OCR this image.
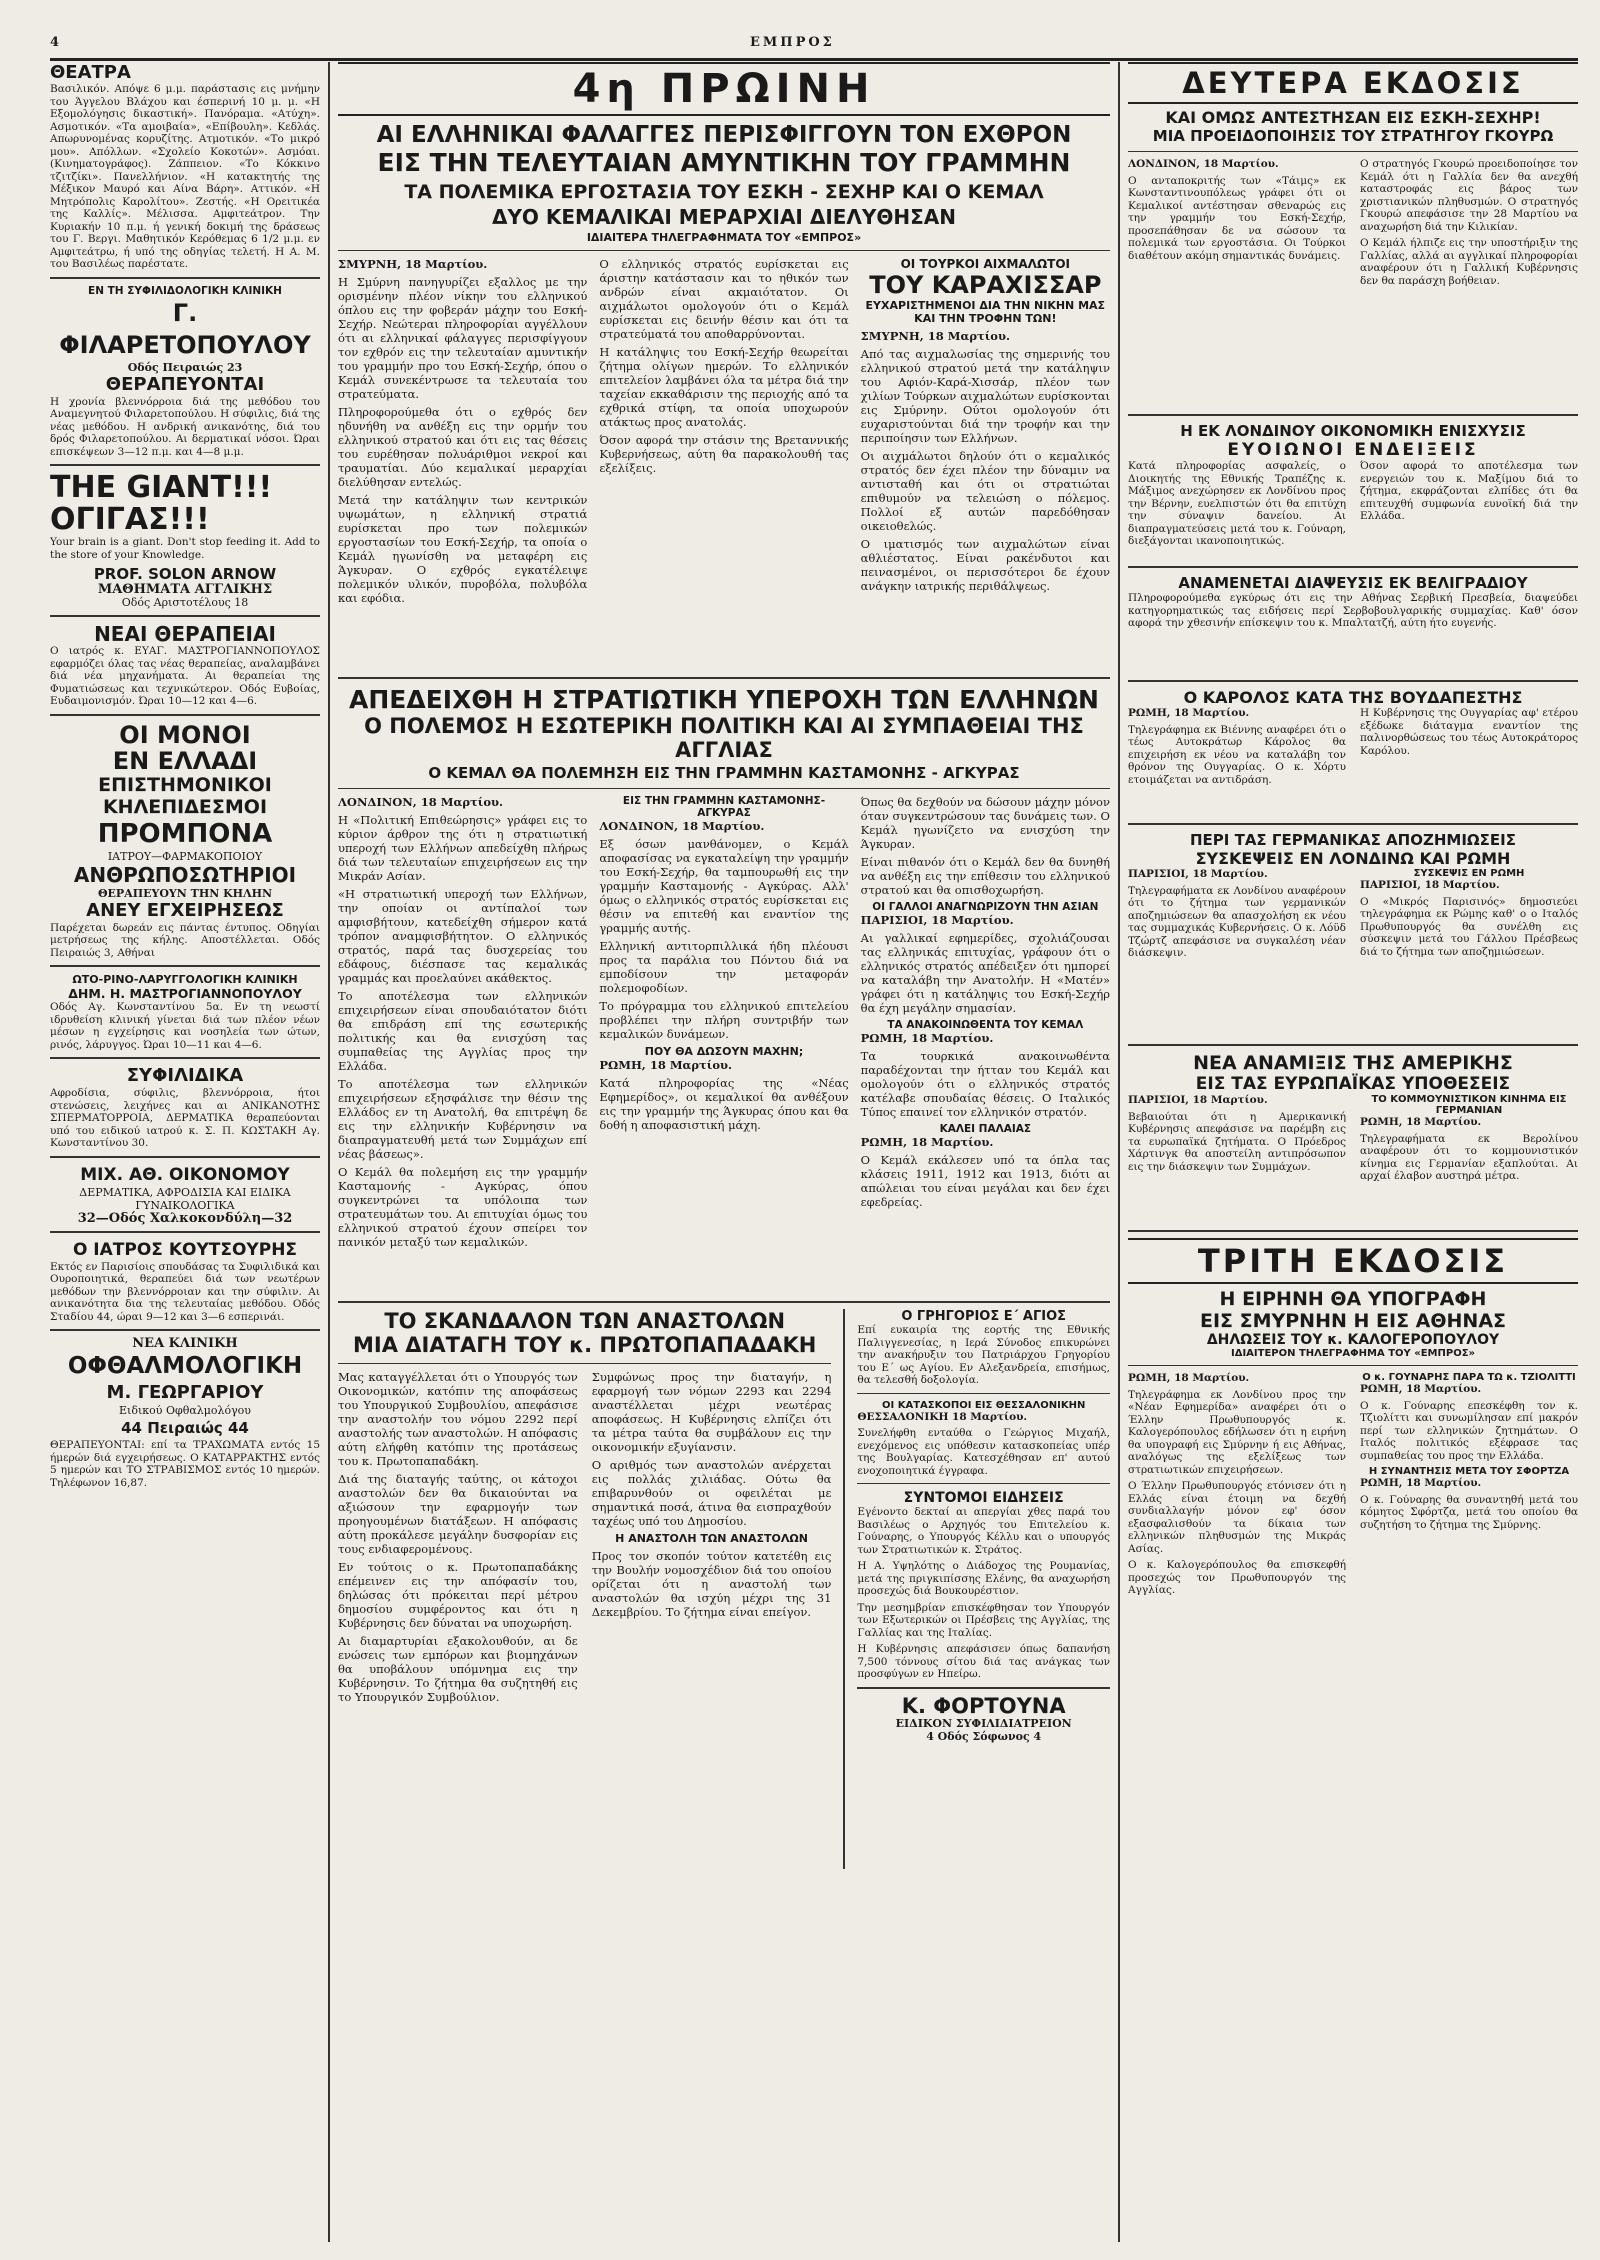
4	ΕΜΠΡΟΣ
ΘΕΑΤΡΑ

Βασιλικόν. Απόψε 6 μ.μ. παράστασις εις μνήμην του Άγγελου Βλάχου και έσπερινή 10 μ. μ. «Η Εξομολόγησις δικαστική». Πανόραμα. «Ατύχη». Ασμοτικόν. «Τα αμοιβαία», «Επίβουλη». Κεδλάς. Απωρυνομένας κορυζίτης. Ατμοτικόν. «Το μικρό μου». Απόλλων. «Σχολείο Κοκοτών». Ασμόαι. (Κινηματογράφος). Ζάππειον. «Το Κόκκινο τζιτζίκι». Πανελλήνιον. «Η κατακτητής της Μέξικον Μαυρό και Αίνα Βάρη». Αττικόν. «Η Μητρόπολις Καρολίτου». Ζεστής. «Η Ορειτικέα της Καλλίς». Μέλισσα. Αμφιτεάτρον. Την Κυριακήν 10 π.μ. ή γενική δοκιμή της δράσεως του Γ. Βεργι. Μαθητικόν Κερόθεμας 6 1/2 μ.μ. εν Αμφιτεάτρω, ή υπό της οδηγίας τελετή. Η Α. Μ. του Βασιλέως παρέστατε.

ΕΝ ΤΗ ΣΥΦΙΛΙΔΟΛΟΓΙΚΗ ΚΛΙΝΙΚΗ
Γ. ΦΙΛΑΡΕΤΟΠΟΥΛΟΥ
Οδός Πειραιώς 23
ΘΕΡΑΠΕΥΟΝΤΑΙ

Η χρονία βλεννόρροια διά της μεθόδου του Αναμεγνητού Φιλαρετοπούλου. Η σύφιλις, διά της νέας μεθόδου. Η ανδρική ανικανότης, διά του δρός Φιλαρετοπούλου. Αι δερματικαί νόσοι. Ώραι επισκέψεων 3—12 π.μ. και 4—8 μ.μ.

THE GIANT!!!
ΟΓΙΓΑΣ!!!

Your brain is a giant. Don't stop feeding it. Add to the store of your Knowledge.

PROF. SOLON ARNOW
ΜΑΘΗΜΑΤΑ ΑΓΓΛΙΚΗΣ
Οδός Αριστοτέλους 18
ΝΕΑΙ ΘΕΡΑΠΕΙΑΙ

Ο ιατρός κ. ΕΥΑΓ. ΜΑΣΤΡΟΓΙΑΝΝΟΠΟΥΛΟΣ εφαρμόζει όλας τας νέας θεραπείας, αναλαμβάνει διά νέα μηχανήματα. Αι θεραπείαι της Φυματιώσεως και τεχνικώτερον. Οδός Ευβοίας, Ευδαιμονισμόν. Ώραι 10—12 και 4—6.

ΟΙ ΜΟΝΟΙ
ΕΝ ΕΛΛΑΔΙ
ΕΠΙΣΤΗΜΟΝΙΚΟΙ
ΚΗΛΕΠΙΔΕΣΜΟΙ
ΠΡΟΜΠΟΝΑ
ΙΑΤΡΟΥ—ΦΑΡΜΑΚΟΠΟΙΟΥ
ΑΝΘΡΩΠΟΣΩΤΗΡΙΟΙ
ΘΕΡΑΠΕΥΟΥΝ ΤΗΝ ΚΗΛΗΝ
ΑΝΕΥ ΕΓΧΕΙΡΗΣΕΩΣ

Παρέχεται δωρεάν εις πάντας έντυπος. Οδηγίαι μετρήσεως της κήλης. Αποστέλλεται. Οδός Πειραιώς 3, Αθήναι

ΩΤΟ-ΡΙΝΟ-ΛΑΡΥΓΓΟΛΟΓΙΚΗ ΚΛΙΝΙΚΗ
ΔΗΜ. Η. ΜΑΣΤΡΟΓΙΑΝΝΟΠΟΥΛΟΥ

Οδός Αγ. Κωνσταντίνου 5α. Εν τη νεωστί ιδρυθείση κλινική γίνεται διά των πλέον νέων μέσων η εγχείρησις και νοσηλεία των ώτων, ρινός, λάρυγγος. Ώραι 10—11 και 4—6.

ΣΥΦΙΛΙΔΙΚΑ

Αφροδίσια, σύφιλις, βλεννόρροια, ήτοι στενώσεις, λειχήνες και αι ΑΝΙΚΑΝΟΤΗΣ ΣΠΕΡΜΑΤΟΡΡΟΙΑ, ΔΕΡΜΑΤΙΚΑ θεραπεύονται υπό του ειδικού ιατρού κ. Σ. Π. ΚΩΣΤΑΚΗ Αγ. Κωνσταντίνου 30.

ΜΙΧ. ΑΘ. ΟΙΚΟΝΟΜΟΥ
ΔΕΡΜΑΤΙΚΑ, ΑΦΡΟΔΙΣΙΑ ΚΑΙ ΕΙΔΙΚΑ ΓΥΝΑΙΚΟΛΟΓΙΚΑ
32—Οδός Χαλκοκονδύλη—32
Ο ΙΑΤΡΟΣ ΚΟΥΤΣΟΥΡΗΣ

Εκτός εν Παρισίοις σπουδάσας τα Συφιλιδικά και Ουροποιητικά, θεραπεύει διά των νεωτέρων μεθόδων την βλεννόρροιαν και την σύφιλιν. Αι ανικανότητα δια της τελευταίας μεθόδου. Οδός Σταδίου 44, ώραι 9—12 και 3—6 εσπερινάι.

ΝΕΑ ΚΛΙΝΙΚΗ
ΟΦΘΑΛΜΟΛΟΓΙΚΗ
Μ. ΓΕΩΡΓΑΡΙΟΥ
Ειδικού Οφθαλμολόγου
44 Πειραιώς 44

ΘΕΡΑΠΕΥΟΝΤΑΙ: επί τα ΤΡΑΧΩΜΑΤΑ εντός 15 ήμερών διά εγχειρήσεως. Ο ΚΑΤΑΡΡΑΚΤΗΣ εντός 5 ημερών και ΤΟ ΣΤΡΑΒΙΣΜΟΣ εντός 10 ημερών. Τηλέφωνον 16,87.

4η ΠΡΩΙΝΗ
ΑΙ ΕΛΛΗΝΙΚΑΙ ΦΑΛΑΓΓΕΣ ΠΕΡΙΣΦΙΓΓΟΥΝ ΤΟΝ ΕΧΘΡΟΝ
ΕΙΣ ΤΗΝ ΤΕΛΕΥΤΑΙΑΝ ΑΜΥΝΤΙΚΗΝ ΤΟΥ ΓΡΑΜΜΗΝ
ΤΑ ΠΟΛΕΜΙΚΑ ΕΡΓΟΣΤΑΣΙΑ ΤΟΥ ΕΣΚΗ - ΣΕΧΗΡ ΚΑΙ Ο ΚΕΜΑΛ
ΔΥΟ ΚΕΜΑΛΙΚΑΙ ΜΕΡΑΡΧΙΑΙ ΔΙΕΛΥΘΗΣΑΝ
ΙΔΙΑΙΤΕΡΑ ΤΗΛΕΓΡΑΦΗΜΑΤΑ ΤΟΥ «ΕΜΠΡΟΣ»

ΣΜΥΡΝΗ, 18 Μαρτίου.

Η Σμύρνη πανηγυρίζει εξαλλος με την ορισμένην πλέον νίκην του ελληνικού όπλου εις την φοβεράν μάχην του Εσκή-Σεχήρ. Νεώτεραι πληροφορίαι αγγέλλουν ότι αι ελληνικαί φάλαγγες περισφίγγουν τον εχθρόν εις την τελευταίαν αμυντικήν του γραμμήν προ του Εσκή-Σεχήρ, όπου ο Κεμάλ συνεκέντρωσε τα τελευταία του στρατεύματα.

Πληροφορούμεθα ότι ο εχθρός δεν ηδυνήθη να ανθέξη εις την ορμήν του ελληνικού στρατού και ότι εις τας θέσεις του ευρέθησαν πολυάριθμοι νεκροί και τραυματίαι. Δύο κεμαλικαί μεραρχίαι διελύθησαν εντελώς.

Μετά την κατάληψιν των κεντρικών υψωμάτων, η ελληνική στρατιά ευρίσκεται προ των πολεμικών εργοστασίων του Εσκή-Σεχήρ, τα οποία ο Κεμάλ ηγωνίσθη να μεταφέρη εις Άγκυραν. Ο εχθρός εγκατέλειψε πολεμικόν υλικόν, πυροβόλα, πολυβόλα και εφόδια.

Ο ελληνικός στρατός ευρίσκεται εις άριστην κατάστασιν και το ηθικόν των ανδρών είναι ακμαιότατον. Οι αιχμάλωτοι ομολογούν ότι ο Κεμάλ ευρίσκεται εις δεινήν θέσιν και ότι τα στρατεύματά του αποθαρρύνονται.

Η κατάληψις του Εσκή-Σεχήρ θεωρείται ζήτημα ολίγων ημερών. Το ελληνικόν επιτελείον λαμβάνει όλα τα μέτρα διά την ταχείαν εκκαθάρισιν της περιοχής από τα εχθρικά στίφη, τα οποία υποχωρούν ατάκτως προς ανατολάς.

Όσον αφορά την στάσιν της Βρεταννικής Κυβερνήσεως, αύτη θα παρακολουθή τας εξελίξεις.

ΟΙ ΤΟΥΡΚΟΙ ΑΙΧΜΑΛΩΤΟΙ
ΤΟΥ ΚΑΡΑΧΙΣΣΑΡ
ΕΥΧΑΡΙΣΤΗΜΕΝΟΙ ΔΙΑ ΤΗΝ ΝΙΚΗΝ ΜΑΣ ΚΑΙ ΤΗΝ ΤΡΟΦΗΝ ΤΩΝ!

ΣΜΥΡΝΗ, 18 Μαρτίου.

Από τας αιχμαλωσίας της σημερινής του ελληνικού στρατού μετά την κατάληψιν του Αφιόν-Καρά-Χισσάρ, πλέον των χιλίων Τούρκων αιχμαλώτων ευρίσκονται εις Σμύρνην. Ούτοι ομολογούν ότι ευχαριστούνται διά την τροφήν και την περιποίησιν των Ελλήνων.

Οι αιχμάλωτοι δηλούν ότι ο κεμαλικός στρατός δεν έχει πλέον την δύναμιν να αντισταθή και ότι οι στρατιώται επιθυμούν να τελειώση ο πόλεμος. Πολλοί εξ αυτών παρεδόθησαν οικειοθελώς.

Ο ιματισμός των αιχμαλώτων είναι αθλιέστατος. Είναι ρακένδυτοι και πεινασμένοι, οι περισσότεροι δε έχουν ανάγκην ιατρικής περιθάλψεως.

ΑΠΕΔΕΙΧΘΗ Η ΣΤΡΑΤΙΩΤΙΚΗ ΥΠΕΡΟΧΗ ΤΩΝ ΕΛΛΗΝΩΝ
Ο ΠΟΛΕΜΟΣ Η ΕΣΩΤΕΡΙΚΗ ΠΟΛΙΤΙΚΗ ΚΑΙ ΑΙ ΣΥΜΠΑΘΕΙΑΙ ΤΗΣ ΑΓΓΛΙΑΣ
Ο ΚΕΜΑΛ ΘΑ ΠΟΛΕΜΗΣΗ ΕΙΣ ΤΗΝ ΓΡΑΜΜΗΝ ΚΑΣΤΑΜΟΝΗΣ - ΑΓΚΥΡΑΣ

ΛΟΝΔΙΝΟΝ, 18 Μαρτίου.

Η «Πολιτική Επιθεώρησις» γράφει εις το κύριον άρθρον της ότι η στρατιωτική υπεροχή των Ελλήνων απεδείχθη πλήρως διά των τελευταίων επιχειρήσεων εις την Μικράν Ασίαν.

«Η στρατιωτική υπεροχή των Ελλήνων, την οποίαν οι αντίπαλοί των αμφισβήτουν, κατεδείχθη σήμερον κατά τρόπον αναμφισβήτητον. Ο ελληνικός στρατός, παρά τας δυσχερείας του εδάφους, διέσπασε τας κεμαλικάς γραμμάς και προελαύνει ακάθεκτος.

Το αποτέλεσμα των ελληνικών επιχειρήσεων είναι σπουδαιότατον διότι θα επιδράση επί της εσωτερικής πολιτικής και θα ενισχύση τας συμπαθείας της Αγγλίας προς την Ελλάδα.

Το αποτέλεσμα των ελληνικών επιχειρήσεων εξησφάλισε την θέσιν της Ελλάδος εν τη Ανατολή, θα επιτρέψη δε εις την ελληνικήν Κυβέρνησιν να διαπραγματευθή μετά των Συμμάχων επί νέας βάσεως».

Ο Κεμάλ θα πολεμήση εις την γραμμήν Κασταμονής - Αγκύρας, όπου συγκεντρώνει τα υπόλοιπα των στρατευμάτων του. Αι επιτυχίαι όμως του ελληνικού στρατού έχουν σπείρει τον πανικόν μεταξύ των κεμαλικών.

ΕΙΣ ΤΗΝ ΓΡΑΜΜΗΝ ΚΑΣΤΑΜΟΝΗΣ-ΑΓΚΥΡΑΣ

ΛΟΝΔΙΝΟΝ, 18 Μαρτίου.

Εξ όσων μανθάνομεν, ο Κεμάλ αποφασίσας να εγκαταλείψη την γραμμήν του Εσκή-Σεχήρ, θα ταμπουρωθή εις την γραμμήν Κασταμονής - Αγκύρας. Αλλ' όμως ο ελληνικός στρατός ευρίσκεται εις θέσιν να επιτεθή και εναντίον της γραμμής αυτής.

Ελληνική αντιτορπιλλικά ήδη πλέουσι προς τα παράλια του Πόντου διά να εμποδίσουν την μεταφοράν πολεμοφοδίων.

Το πρόγραμμα του ελληνικού επιτελείου προβλέπει την πλήρη συντριβήν των κεμαλικών δυνάμεων.

ΠΟΥ ΘΑ ΔΩΣΟΥΝ ΜΑΧΗΝ;

ΡΩΜΗ, 18 Μαρτίου.

Κατά πληροφορίας της «Νέας Εφημερίδος», οι κεμαλικοί θα ανθέξουν εις την γραμμήν της Άγκυρας όπου και θα δοθή η αποφασιστική μάχη.

Όπως θα δεχθούν να δώσουν μάχην μόνον όταν συγκεντρώσουν τας δυνάμεις των. Ο Κεμάλ ηγωνίζετο να ενισχύση την Άγκυραν.

Είναι πιθανόν ότι ο Κεμάλ δεν θα δυνηθή να ανθέξη εις την επίθεσιν του ελληνικού στρατού και θα οπισθοχωρήση.

ΟΙ ΓΑΛΛΟΙ ΑΝΑΓΝΩΡΙΖΟΥΝ ΤΗΝ ΑΣΙΑΝ

ΠΑΡΙΣΙΟΙ, 18 Μαρτίου.

Αι γαλλικαί εφημερίδες, σχολιάζουσαι τας ελληνικάς επιτυχίας, γράφουν ότι ο ελληνικός στρατός απέδειξεν ότι ημπορεί να καταλάβη την Ανατολήν. Η «Ματέν» γράφει ότι η κατάληψις του Εσκή-Σεχήρ θα έχη μεγάλην σημασίαν.

ΤΑ ΑΝΑΚΟΙΝΩΘΕΝΤΑ ΤΟΥ ΚΕΜΑΛ

ΡΩΜΗ, 18 Μαρτίου.

Τα τουρκικά ανακοινωθέντα παραδέχονται την ήτταν του Κεμάλ και ομολογούν ότι ο ελληνικός στρατός κατέλαβε σπουδαίας θέσεις. Ο Ιταλικός Τύπος επαινεί τον ελληνικόν στρατόν.

ΚΑΛΕΙ ΠΑΛΑΙΑΣ

ΡΩΜΗ, 18 Μαρτίου.

Ο Κεμάλ εκάλεσεν υπό τα όπλα τας κλάσεις 1911, 1912 και 1913, διότι αι απώλειαι του είναι μεγάλαι και δεν έχει εφεδρείας.

ΤΟ ΣΚΑΝΔΑΛΟΝ ΤΩΝ ΑΝΑΣΤΟΛΩΝ
ΜΙΑ ΔΙΑΤΑΓΗ ΤΟΥ κ. ΠΡΩΤΟΠΑΠΑΔΑΚΗ

Μας καταγγέλλεται ότι ο Υπουργός των Οικονομικών, κατόπιν της αποφάσεως του Υπουργικού Συμβουλίου, απεφάσισε την αναστολήν του νόμου 2292 περί αναστολής των αναστολών. Η απόφασις αύτη ελήφθη κατόπιν της προτάσεως του κ. Πρωτοπαπαδάκη.

Διά της διαταγής ταύτης, οι κάτοχοι αναστολών δεν θα δικαιούνται να αξιώσουν την εφαρμογήν των προηγουμένων διατάξεων. Η απόφασις αύτη προκάλεσε μεγάλην δυσφορίαν εις τους ενδιαφερομένους.

Εν τούτοις ο κ. Πρωτοπαπαδάκης επέμεινεν εις την απόφασίν του, δηλώσας ότι πρόκειται περί μέτρου δημοσίου συμφέροντος και ότι η Κυβέρνησις δεν δύναται να υποχωρήση.

Αι διαμαρτυρίαι εξακολουθούν, αι δε ενώσεις των εμπόρων και βιομηχάνων θα υποβάλουν υπόμνημα εις την Κυβέρνησιν. Το ζήτημα θα συζητηθή εις το Υπουργικόν Συμβούλιον.

Συμφώνως προς την διαταγήν, η εφαρμογή των νόμων 2293 και 2294 αναστέλλεται μέχρι νεωτέρας αποφάσεως. Η Κυβέρνησις ελπίζει ότι τα μέτρα ταύτα θα συμβάλουν εις την οικονομικήν εξυγίανσιν.

Ο αριθμός των αναστολών ανέρχεται εις πολλάς χιλιάδας. Ούτω θα επιβαρυνθούν οι οφειλέται με σημαντικά ποσά, άτινα θα εισπραχθούν ταχέως υπό του Δημοσίου.

Η ΑΝΑΣΤΟΛΗ ΤΩΝ ΑΝΑΣΤΟΛΩΝ

Προς τον σκοπόν τούτον κατετέθη εις την Βουλήν νομοσχέδιον διά του οποίου ορίζεται ότι η αναστολή των αναστολών θα ισχύη μέχρι της 31 Δεκεμβρίου. Το ζήτημα είναι επείγον.

Ο ΓΡΗΓΟΡΙΟΣ Ε΄ ΑΓΙΟΣ

Επί ευκαιρία της εορτής της Εθνικής Παλιγγενεσίας, η Ιερά Σύνοδος επικυρώνει την ανακήρυξιν του Πατριάρχου Γρηγορίου του Ε΄ ως Αγίου. Εν Αλεξανδρεία, επισήμως, θα τελεσθή δοξολογία.

ΟΙ ΚΑΤΑΣΚΟΠΟΙ ΕΙΣ ΘΕΣΣΑΛΟΝΙΚΗΝ

ΘΕΣΣΑΛΟΝΙΚΗ 18 Μαρτίου.

Συνελήφθη ενταύθα ο Γεώργιος Μιχαήλ, ενεχόμενος εις υπόθεσιν κατασκοπείας υπέρ της Βουλγαρίας. Κατεσχέθησαν επ' αυτού ενοχοποιητικά έγγραφα.

ΣΥΝΤΟΜΟΙ ΕΙΔΗΣΕΙΣ

Εγένοντο δεκταί αι απεργίαι χθες παρά του Βασιλέως ο Αρχηγός του Επιτελείου κ. Γούναρης, ο Υπουργός Κέλλυ και ο υπουργός των Στρατιωτικών κ. Στράτος.

Η Α. Υψηλότης ο Διάδοχος της Ρουμανίας, μετά της πριγκιπίσσης Ελένης, θα αναχωρήση προσεχώς διά Βουκουρέστιον.

Την μεσημβρίαν επισκέφθησαν τον Υπουργόν των Εξωτερικών οι Πρέσβεις της Αγγλίας, της Γαλλίας και της Ιταλίας.

Η Κυβέρνησις απεφάσισεν όπως δαπανήση 7,500 τόννους σίτου διά τας ανάγκας των προσφύγων εν Ηπείρω.

Κ. ΦΟΡΤΟΥΝΑ
ΕΙΔΙΚΟΝ ΣΥΦΙΛΙΔΙΑΤΡΕΙΟΝ
4 Οδός Σόφωνος 4
ΔΕΥΤΕΡΑ ΕΚΔΟΣΙΣ
ΚΑΙ ΟΜΩΣ ΑΝΤΕΣΤΗΣΑΝ ΕΙΣ ΕΣΚΗ-ΣΕΧΗΡ!
ΜΙΑ ΠΡΟΕΙΔΟΠΟΙΗΣΙΣ ΤΟΥ ΣΤΡΑΤΗΓΟΥ ΓΚΟΥΡΩ

ΛΟΝΔΙΝΟΝ, 18 Μαρτίου.

Ο ανταποκριτής των «Τάιμς» εκ Κωνσταντινουπόλεως γράφει ότι οι Κεμαλικοί αντέστησαν σθεναρώς εις την γραμμήν του Εσκή-Σεχήρ, προσεπάθησαν δε να σώσουν τα πολεμικά των εργοστάσια. Οι Τούρκοι διαθέτουν ακόμη σημαντικάς δυνάμεις.

Ο στρατηγός Γκουρώ προειδοποίησε τον Κεμάλ ότι η Γαλλία δεν θα ανεχθή καταστροφάς εις βάρος των χριστιανικών πληθυσμών. Ο στρατηγός Γκουρώ απεφάσισε την 28 Μαρτίου να αναχωρήση διά την Κιλικίαν.

Ο Κεμάλ ήλπιζε εις την υποστήριξιν της Γαλλίας, αλλά αι αγγλικαί πληροφορίαι αναφέρουν ότι η Γαλλική Κυβέρνησις δεν θα παράσχη βοήθειαν.

Η ΕΚ ΛΟΝΔΙΝΟΥ ΟΙΚΟΝΟΜΙΚΗ ΕΝΙΣΧΥΣΙΣ
ΕΥΟΙΩΝΟΙ ΕΝΔΕΙΞΕΙΣ

Κατά πληροφορίας ασφαλείς, ο Διοικητής της Εθνικής Τραπέζης κ. Μάξιμος ανεχώρησεν εκ Λονδίνου προς την Βέρνην, ευελπιστών ότι θα επιτύχη την σύναψιν δανείου. Αι διαπραγματεύσεις μετά του κ. Γούναρη, διεξάγονται ικανοποιητικώς.

Όσον αφορά το αποτέλεσμα των ενεργειών του κ. Μαξίμου διά το ζήτημα, εκφράζονται ελπίδες ότι θα επιτευχθή συμφωνία ευνοϊκή διά την Ελλάδα.

ΑΝΑΜΕΝΕΤΑΙ ΔΙΑΨΕΥΣΙΣ ΕΚ ΒΕΛΙΓΡΑΔΙΟΥ

Πληροφορούμεθα εγκύρως ότι εις την Αθήνας Σερβική Πρεσβεία, διαψεύδει κατηγορηματικώς τας ειδήσεις περί Σερβοβουλγαρικής συμμαχίας. Καθ' όσον αφορά την χθεσινήν επίσκεψιν του κ. Μπαλτατζή, αύτη ήτο ευγενής.

Ο ΚΑΡΟΛΟΣ ΚΑΤΑ ΤΗΣ ΒΟΥΔΑΠΕΣΤΗΣ

ΡΩΜΗ, 18 Μαρτίου.

Τηλεγράφημα εκ Βιέννης αναφέρει ότι ο τέως Αυτοκράτωρ Κάρολος θα επιχειρήση εκ νέου να καταλάβη τον θρόνον της Ουγγαρίας. Ο κ. Χόρτυ ετοιμάζεται να αντιδράση.

Η Κυβέρνησις της Ουγγαρίας αφ' ετέρου εξέδωκε διάταγμα εναντίον της παλινορθώσεως του τέως Αυτοκράτορος Καρόλου.

ΠΕΡΙ ΤΑΣ ΓΕΡΜΑΝΙΚΑΣ ΑΠΟΖΗΜΙΩΣΕΙΣ
ΣΥΣΚΕΨΕΙΣ ΕΝ ΛΟΝΔΙΝΩ ΚΑΙ ΡΩΜΗ

ΠΑΡΙΣΙΟΙ, 18 Μαρτίου.

Τηλεγραφήματα εκ Λονδίνου αναφέρουν ότι το ζήτημα των γερμανικών αποζημιώσεων θα απασχολήση εκ νέου τας συμμαχικάς Κυβερνήσεις. Ο κ. Λόϋδ Τζώρτζ απεφάσισε να συγκαλέση νέαν διάσκεψιν.

ΣΥΣΚΕΨΙΣ ΕΝ ΡΩΜΗ

ΠΑΡΙΣΙΟΙ, 18 Μαρτίου.

Ο «Μικρός Παρισινός» δημοσιεύει τηλεγράφημα εκ Ρώμης καθ' ο ο Ιταλός Πρωθυπουργός θα συνέλθη εις σύσκεψιν μετά του Γάλλου Πρέσβεως διά το ζήτημα των αποζημιώσεων.

ΝΕΑ ΑΝΑΜΙΞΙΣ ΤΗΣ ΑΜΕΡΙΚΗΣ
ΕΙΣ ΤΑΣ ΕΥΡΩΠΑΪΚΑΣ ΥΠΟΘΕΣΕΙΣ

ΠΑΡΙΣΙΟΙ, 18 Μαρτίου.

Βεβαιούται ότι η Αμερικανική Κυβέρνησις απεφάσισε να παρέμβη εις τα ευρωπαϊκά ζητήματα. Ο Πρόεδρος Χάρτινγκ θα αποστείλη αντιπρόσωπον εις την διάσκεψιν των Συμμάχων.

ΤΟ ΚΟΜΜΟΥΝΙΣΤΙΚΟΝ ΚΙΝΗΜΑ ΕΙΣ ΓΕΡΜΑΝΙΑΝ

ΡΩΜΗ, 18 Μαρτίου.

Τηλεγραφήματα εκ Βερολίνου αναφέρουν ότι το κομμουνιστικόν κίνημα εις Γερμανίαν εξαπλούται. Αι αρχαί έλαβον αυστηρά μέτρα.

ΤΡΙΤΗ ΕΚΔΟΣΙΣ
Η ΕΙΡΗΝΗ ΘΑ ΥΠΟΓΡΑΦΗ
ΕΙΣ ΣΜΥΡΝΗΝ Η ΕΙΣ ΑΘΗΝΑΣ
ΔΗΛΩΣΕΙΣ ΤΟΥ κ. ΚΑΛΟΓΕΡΟΠΟΥΛΟΥ
ΙΔΙΑΙΤΕΡΟΝ ΤΗΛΕΓΡΑΦΗΜΑ ΤΟΥ «ΕΜΠΡΟΣ»

ΡΩΜΗ, 18 Μαρτίου.

Τηλεγράφημα εκ Λονδίνου προς την «Νέαν Εφημερίδα» αναφέρει ότι ο Έλλην Πρωθυπουργός κ. Καλογερόπουλος εδήλωσεν ότι η ειρήνη θα υπογραφή εις Σμύρνην ή εις Αθήνας, αναλόγως της εξελίξεως των στρατιωτικών επιχειρήσεων.

Ο Έλλην Πρωθυπουργός ετόνισεν ότι η Ελλάς είναι έτοιμη να δεχθή συνδιαλλαγήν μόνον εφ' όσον εξασφαλισθούν τα δίκαια των ελληνικών πληθυσμών της Μικράς Ασίας.

Ο κ. Καλογερόπουλος θα επισκεφθή προσεχώς τον Πρωθυπουργόν της Αγγλίας.

Ο κ. ΓΟΥΝΑΡΗΣ ΠΑΡΑ ΤΩ κ. ΤΖΙΟΛΙΤΤΙ

ΡΩΜΗ, 18 Μαρτίου.

Ο κ. Γούναρης επεσκέφθη τον κ. Τζιολίττι και συνωμίλησαν επί μακρόν περί των ελληνικών ζητημάτων. Ο Ιταλός πολιτικός εξέφρασε τας συμπαθείας του προς την Ελλάδα.

Η ΣΥΝΑΝΤΗΣΙΣ ΜΕΤΑ ΤΟΥ ΣΦΟΡΤΖΑ

ΡΩΜΗ, 18 Μαρτίου.

Ο κ. Γούναρης θα συναντηθή μετά του κόμητος Σφόρτζα, μετά του οποίου θα συζητήση το ζήτημα της Σμύρνης.
